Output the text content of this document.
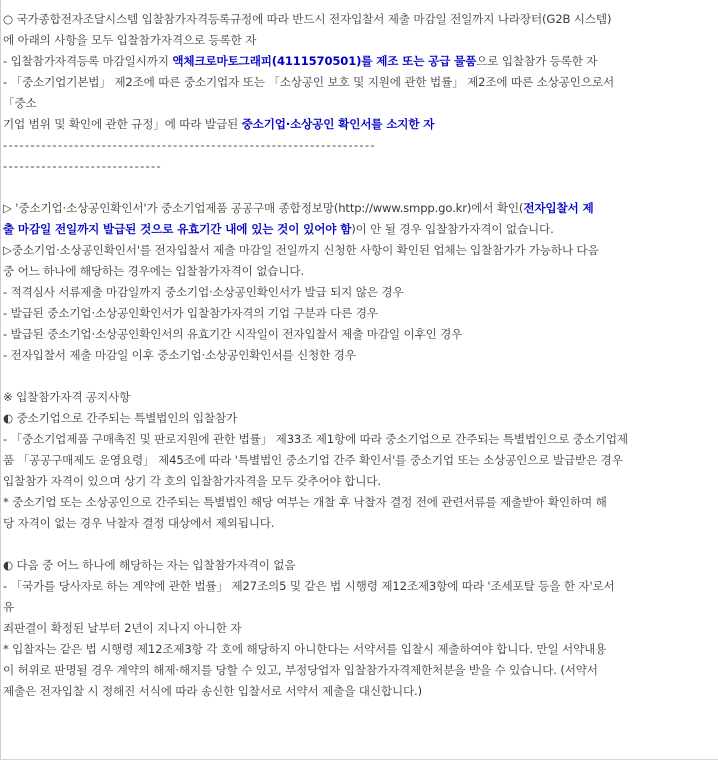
○ 국가종합전자조달시스템 입찰참가자격등록규정에 따라 반드시 전자입찰서 제출 마감일 전일까지 나라장터(G2B 시스템)
에 아래의 사항을 모두 입찰참가자격으로 등록한 자
- 입찰참가자격등록 마감일시까지 액체크로마토그래피(4111570501)를 제조 또는 공급 물품으로 입찰참가 등록한 자
- 「중소기업기본법」 제2조에 따른 중소기업자 또는 「소상공인 보호 및 지원에 관한 법률」 제2조에 따른 소상공인으로서
「중소
기업 범위 및 확인에 관한 규정」에 따라 발급된 중소기업·소상공인 확인서를 소지한 자
--------------------------------------------------------------------
-----------------------------
▷ '중소기업·소상공인확인서'가 중소기업제품 공공구매 종합정보망(http://www.smpp.go.kr)에서 확인(전자입찰서 제
출 마감일 전일까지 발급된 것으로 유효기간 내에 있는 것이 있어야 함)이 안 될 경우 입찰참가자격이 없습니다.
▷중소기업·소상공인확인서'를 전자입찰서 제출 마감일 전일까지 신청한 사항이 확인된 업체는 입찰참가가 가능하나 다음
중 어느 하나에 해당하는 경우에는 입찰참가자격이 없습니다.
- 적격심사 서류제출 마감일까지 중소기업·소상공인확인서가 발급 되지 않은 경우
- 발급된 중소기업·소상공인확인서가 입찰참가자격의 기업 구분과 다른 경우
- 발급된 중소기업·소상공인확인서의 유효기간 시작일이 전자입찰서 제출 마감일 이후인 경우
- 전자입찰서 제출 마감일 이후 중소기업·소상공인확인서를 신청한 경우
※ 입찰참가자격 공지사항
◐ 중소기업으로 간주되는 특별법인의 입찰참가
- 「중소기업제품 구매촉진 및 판로지원에 관한 법률」 제33조 제1항에 따라 중소기업으로 간주되는 특별법인으로 중소기업제
품 「공공구매제도 운영요령」 제45조에 따라 '특별법인 중소기업 간주 확인서'를 중소기업 또는 소상공인으로 발급받은 경우
입찰참가 자격이 있으며 상기 각 호의 입찰참가자격을 모두 갖추어야 합니다.
* 중소기업 또는 소상공인으로 간주되는 특별법인 해당 여부는 개찰 후 낙찰자 결정 전에 관련서류를 제출받아 확인하며 해
당 자격이 없는 경우 낙찰자 결정 대상에서 제외됩니다.
◐ 다음 중 어느 하나에 해당하는 자는 입찰참가자격이 없음
- 「국가를 당사자로 하는 계약에 관한 법률」 제27조의5 및 같은 법 시행령 제12조제3항에 따라 '조세포탈 등을 한 자'로서
유
죄판결이 확정된 날부터 2년이 지나지 아니한 자
* 입찰자는 같은 법 시행령 제12조제3항 각 호에 해당하지 아니한다는 서약서를 입찰시 제출하여야 합니다. 만일 서약내용
이 허위로 판명될 경우 계약의 해제·해지를 당할 수 있고, 부정당업자 입찰참가자격제한처분을 받을 수 있습니다. (서약서
제출은 전자입찰 시 정해진 서식에 따라 송신한 입찰서로 서약서 제출을 대신합니다.)
